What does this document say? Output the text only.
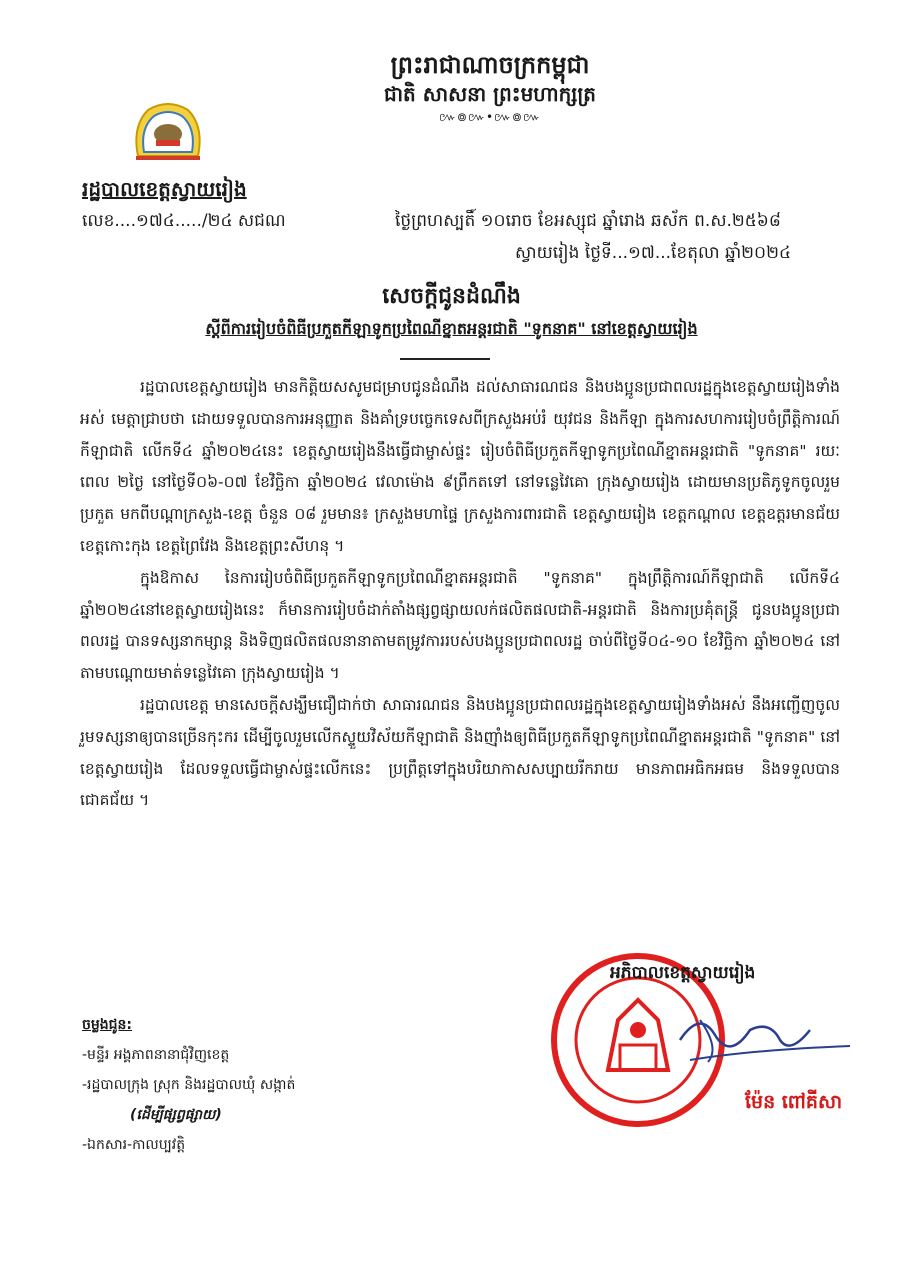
ព្រះរាជាណាចក្រកម្ពុជា
ជាតិ សាសនា ព្រះមហាក្សត្រ
៚៙៚•៚៙៚
រដ្ឋបាលខេត្តស្វាយរៀង
លេខ....១៧៤...../២៤ សជណ	ថ្ងៃព្រហស្បតិ៍ ១០រោច ខែអស្សុជ ឆ្នាំរោង ឆស័ក ព.ស.២៥៦៨
ស្វាយរៀង ថ្ងៃទី...១៧...ខែតុលា ឆ្នាំ២០២៤
សេចក្តីជូនដំណឹង
ស្តីពីការរៀបចំពិធីប្រកួតកីឡាទូកប្រពៃណីខ្នាតអន្តរជាតិ "ទូកនាគ" នៅខេត្តស្វាយរៀង

រដ្ឋបាលខេត្តស្វាយរៀង មានកិត្តិយសសូមជម្រាបជូនដំណឹង ដល់សាធារណជន និងបងប្អូនប្រជាពលរដ្ឋក្នុងខេត្តស្វាយរៀងទាំងអស់ មេត្តាជ្រាបថា ដោយទទួលបានការអនុញ្ញាត និងគាំទ្របច្ចេកទេសពីក្រសួងអប់រំ យុវជន និងកីឡា ក្នុងការសហការរៀបចំព្រឹត្តិការណ៍កីឡាជាតិ លើកទី៤ ឆ្នាំ២០២៤នេះ ខេត្តស្វាយរៀងនឹងធ្វើជាម្ចាស់ផ្ទះ រៀបចំពិធីប្រកួតកីឡាទូកប្រពៃណីខ្នាតអន្តរជាតិ "ទូកនាគ" រយៈពេល ២ថ្ងៃ នៅថ្ងៃទី០៦-០៧ ខែវិច្ឆិកា ឆ្នាំ២០២៤ វេលាម៉ោង ៩ព្រឹកតទៅ នៅទន្លេវៃគោ ក្រុងស្វាយរៀង ដោយមានប្រតិភូទូកចូលរួមប្រកួត មកពីបណ្តាក្រសួង-ខេត្ត ចំនួន ០៨ រួមមាន៖ ក្រសួងមហាផ្ទៃ ក្រសួងការពារជាតិ ខេត្តស្វាយរៀង ខេត្តកណ្តាល ខេត្តឧត្តរមានជ័យ ខេត្តកោះកុង ខេត្តព្រៃវែង និងខេត្តព្រះសីហនុ ។

ក្នុងឱកាស នៃការរៀបចំពិធីប្រកួតកីឡាទូកប្រពៃណីខ្នាតអន្តរជាតិ "ទូកនាគ" ក្នុងព្រឹត្តិការណ៍កីឡាជាតិ លើកទី៤ ឆ្នាំ២០២៤នៅខេត្តស្វាយរៀងនេះ ក៏មានការរៀបចំដាក់តាំងផ្សព្វផ្សាយលក់ផលិតផលជាតិ-អន្តរជាតិ និងការប្រគុំតន្ត្រី ជូនបងប្អូនប្រជាពលរដ្ឋ បានទស្សនាកម្សាន្ត និងទិញផលិតផលនានាតាមតម្រូវការរបស់បងប្អូនប្រជាពលរដ្ឋ ចាប់ពីថ្ងៃទី០៤-១០ ខែវិច្ឆិកា ឆ្នាំ២០២៤ នៅតាមបណ្តោយមាត់ទន្លេវៃគោ ក្រុងស្វាយរៀង ។

រដ្ឋបាលខេត្ត មានសេចក្តីសង្ឃឹមជឿជាក់ថា សាធារណជន និងបងប្អូនប្រជាពលរដ្ឋក្នុងខេត្តស្វាយរៀងទាំងអស់ នឹងអញ្ជើញចូលរួមទស្សនាឲ្យបានច្រើនកុះករ ដើម្បីចូលរួមលើកស្ទួយវិស័យកីឡាជាតិ និងញ៉ាំងឲ្យពិធីប្រកួតកីឡាទូកប្រពៃណីខ្នាតអន្តរជាតិ "ទូកនាគ" នៅខេត្តស្វាយរៀង ដែលទទួលធ្វើជាម្ចាស់ផ្ទះលើកនេះ ប្រព្រឹត្តទៅក្នុងបរិយាកាសសប្បាយរីករាយ មានភាពអធិកអធម និងទទួលបានជោគជ័យ ។

ចម្លងជូន:
-មន្ទីរ អង្គភាពនានាជុំវិញខេត្ត
-រដ្ឋបាលក្រុង ស្រុក និងរដ្ឋបាលឃុំ សង្កាត់
(ដើម្បីផ្សព្វផ្សាយ)
-ឯកសារ-កាលប្បវត្តិ
អភិបាលខេត្តស្វាយរៀង
ម៉ែន ពៅគីសា
